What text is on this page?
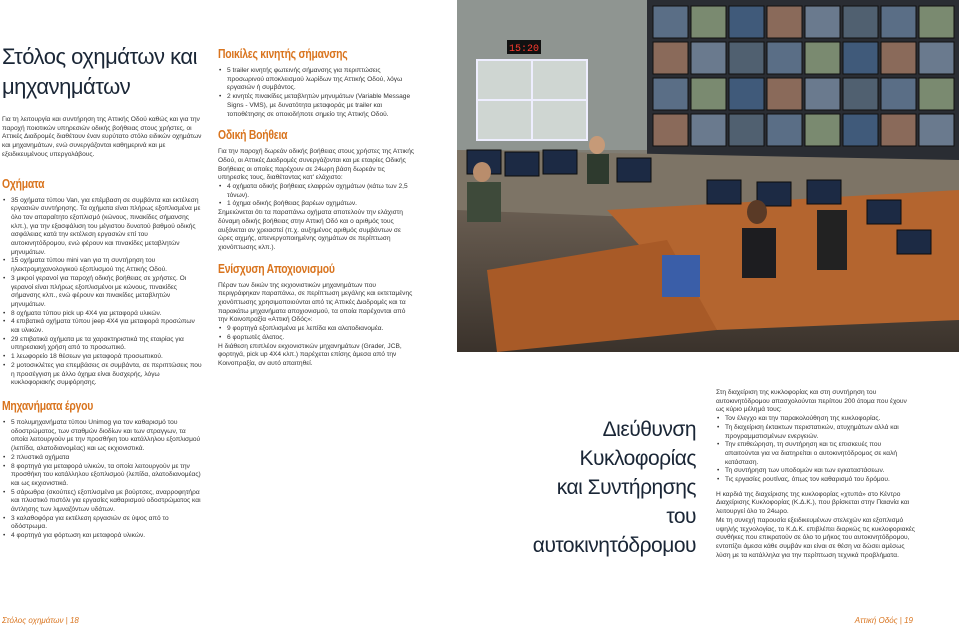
Στόλος οχημάτων και
μηχανημάτων

Για τη λειτουργία και συντήρηση της Αττικής Οδού καθώς και για την παροχή ποιοτικών υπηρεσιών οδικής βοήθειας στους χρήστες, οι Αττικές Διαδρομές διαθέτουν έναν ευρύτατο στόλο ειδικών οχημάτων και μηχανημάτων, ενώ συνεργάζονται καθημερινά και με εξειδικευμένους υπεργολάβους.

Οχήματα
• 35 οχήματα τύπου Van, για επέμβαση σε συμβάντα και εκτέλεση εργασιών συντήρησης. Τα οχήματα είναι πλήρως εξοπλισμένα με όλο τον απαραίτητο εξοπλισμό (κώνους, πινακίδες σήμανσης κλπ.), για την εξασφάλιση του μέγιστου δυνατού βαθμού οδικής ασφάλειας κατά την εκτέλεση εργασιών επί του αυτοκινητόδρομου, ενώ φέρουν και πινακίδες μεταβλητών μηνυμάτων.
• 15 οχήματα τύπου mini van για τη συντήρηση του ηλεκτρομηχανολογικού εξοπλισμού της Αττικής Οδού.
• 3 μικροί γερανοί για παροχή οδικής βοήθειας σε χρήστες. Οι γερανοί είναι πλήρως εξοπλισμένοι με κώνους, πινακίδες σήμανσης κλπ., ενώ φέρουν και πινακίδες μεταβλητών μηνυμάτων.
• 8 οχήματα τύπου pick up 4X4 για μεταφορά υλικών.
• 4 επιβατικά οχήματα τύπου jeep 4X4 για μεταφορά προσώπων και υλικών.
• 29 επιβατικά οχήματα με τα χαρακτηριστικά της εταιρίας για υπηρεσιακή χρήση από το προσωπικό.
• 1 λεωφορείο 18 θέσεων για μεταφορά προσωπικού.
• 2 μοτοσικλέτες για επεμβάσεις σε συμβάντα, σε περιπτώσεις που η προσέγγιση με άλλο όχημα είναι δυσχερής, λόγω κυκλοφοριακής συμφόρησης.
Μηχανήματα έργου
• 5 πολυμηχανήματα τύπου Unimog για τον καθαρισμό του οδοστρώματος, των σταθμών διοδίων και των στραγγων, τα οποία λειτουργούν με την προσθήκη του κατάλληλου εξοπλισμού (λεπίδα, αλατοδιανομέας) και ως εκχιονιστικά.
• 2 πλυστικά οχήματα
• 8 φορτηγά για μεταφορά υλικών, τα οποία λειτουργούν με την προσθήκη του κατάλληλου εξοπλισμού (λεπίδα, αλατοδιανομέας) και ως εκχιονιστικά.
• 5 σάρωθρα (σκούπες) εξοπλισμένα με βούρτσες, αναρροφητήρα και πλυστικό πιστόλι για εργασίες καθαρισμού οδοστρώματος και άντλησης των λιμναζόντων υδάτων.
• 3 καλαθοφόρα για εκτέλεση εργασιών σε ύψος από το οδόστρωμα.
• 4 φορτηγά για φόρτωση και μεταφορά υλικών.
Στόλος οχημάτων | 18
Ποικίλες κινητής σήμανσης
• 5 trailer κινητής φωτεινής σήμανσης για περιπτώσεις προσωρινού αποκλεισμού λωρίδων της Αττικής Οδού, λόγω εργασιών ή συμβάντος.
• 2 κινητές πινακίδες μεταβλητών μηνυμάτων (Variable Message Signs - VMS), με δυνατότητα μεταφοράς με trailer και τοποθέτησης σε οποιοδήποτε σημείο της Αττικής Οδού.
Οδική Βοήθεια

Για την παροχή δωρεάν οδικής βοήθειας στους χρήστες της Αττικής Οδού, οι Αττικές Διαδρομές συνεργάζονται και με εταιρίες Οδικής Βοήθειας οι οποίες παρέχουν σε 24ωρη βάση δωρεάν τις υπηρεσίες τους, διαθέτοντας κατ' ελάχιστο:

• 4 οχήματα οδικής βοήθειας ελαφρών οχημάτων (κάτω των 2,5 τόνων).
• 1 όχημα οδικής βοήθειας βαρέων οχημάτων.

Σημειώνεται ότι τα παραπάνω οχήματα αποτελούν την ελάχιστη δύναμη οδικής βοήθειας στην Αττική Οδό και ο αριθμός τους αυξάνεται αν χρειαστεί (π.χ. αυξημένος αριθμός συμβάντων σε ώρες αιχμής, απενεργοποιημένης οχημάτων σε περίπτωση χιονόπτωσης κλπ.).

Ενίσχυση Αποχιονισμού

Πέραν των δικών της εκχιονιστικών μηχανημάτων που περιγράφηκαν παραπάνω, σε περίπτωση μεγάλης και εκτεταμένης χιονόπτωσης χρησιμοποιούνται από τις Αττικές Διαδρομές και τα παρακάτω μηχανήματα αποχιονισμού, τα οποία παρέχονται από την Κοινοπραξία «Αττική Οδός»:

• 9 φορτηγά εξοπλισμένα με λεπίδα και αλατοδιανομέα.
• 6 φορτωτές άλατος.

Η διάθεση επιπλέον εκχιονιστικών μηχανημάτων (Grader, JCB, φορτηγά, pick up 4X4 κλπ.) παρέχεται επίσης άμεσα από την Κοινοπραξία, αν αυτό απαιτηθεί.

15:20
Διεύθυνση Κυκλοφορίας
και Συντήρησης
του αυτοκινητόδρομου

Στη διαχείριση της κυκλοφορίας και στη συντήρηση του αυτοκινητόδρομου απασχολούνται περίπου 200 άτομα που έχουν ως κύριο μέλημά τους:

• Τον έλεγχο και την παρακολούθηση της κυκλοφορίας.
• Τη διαχείριση έκτακτων περιστατικών, ατυχημάτων αλλά και προγραμματισμένων ενεργειών.
• Την επιθεώρηση, τη συντήρηση και τις επισκευές που απαιτούνται για να διατηρείται ο αυτοκινητόδρομος σε καλή κατάσταση.
• Τη συντήρηση των υποδομών και των εγκαταστάσεων.
• Τις εργασίες ρουτίνας, όπως τον καθαρισμό του δρόμου.

Η καρδιά της διαχείρισης της κυκλοφορίας «χτυπά» στο Κέντρο Διαχείρισης Κυκλοφορίας (Κ.Δ.Κ.), που βρίσκεται στην Παιανία και λειτουργεί όλο το 24ωρο.

Με τη συνεχή παρουσία εξειδικευμένων στελεχών και εξοπλισμό υψηλής τεχνολογίας, το Κ.Δ.Κ. επιβλέπει διαρκώς τις κυκλοφοριακές συνθήκες που επικρατούν σε όλο το μήκος του αυτοκινητόδρομου, εντοπίζει άμεσα κάθε συμβάν και είναι σε θέση να δώσει αμέσως λύση με τα κατάλληλα για την περίπτωση τεχνικά προβλήματα.

Αττική Οδός | 19
